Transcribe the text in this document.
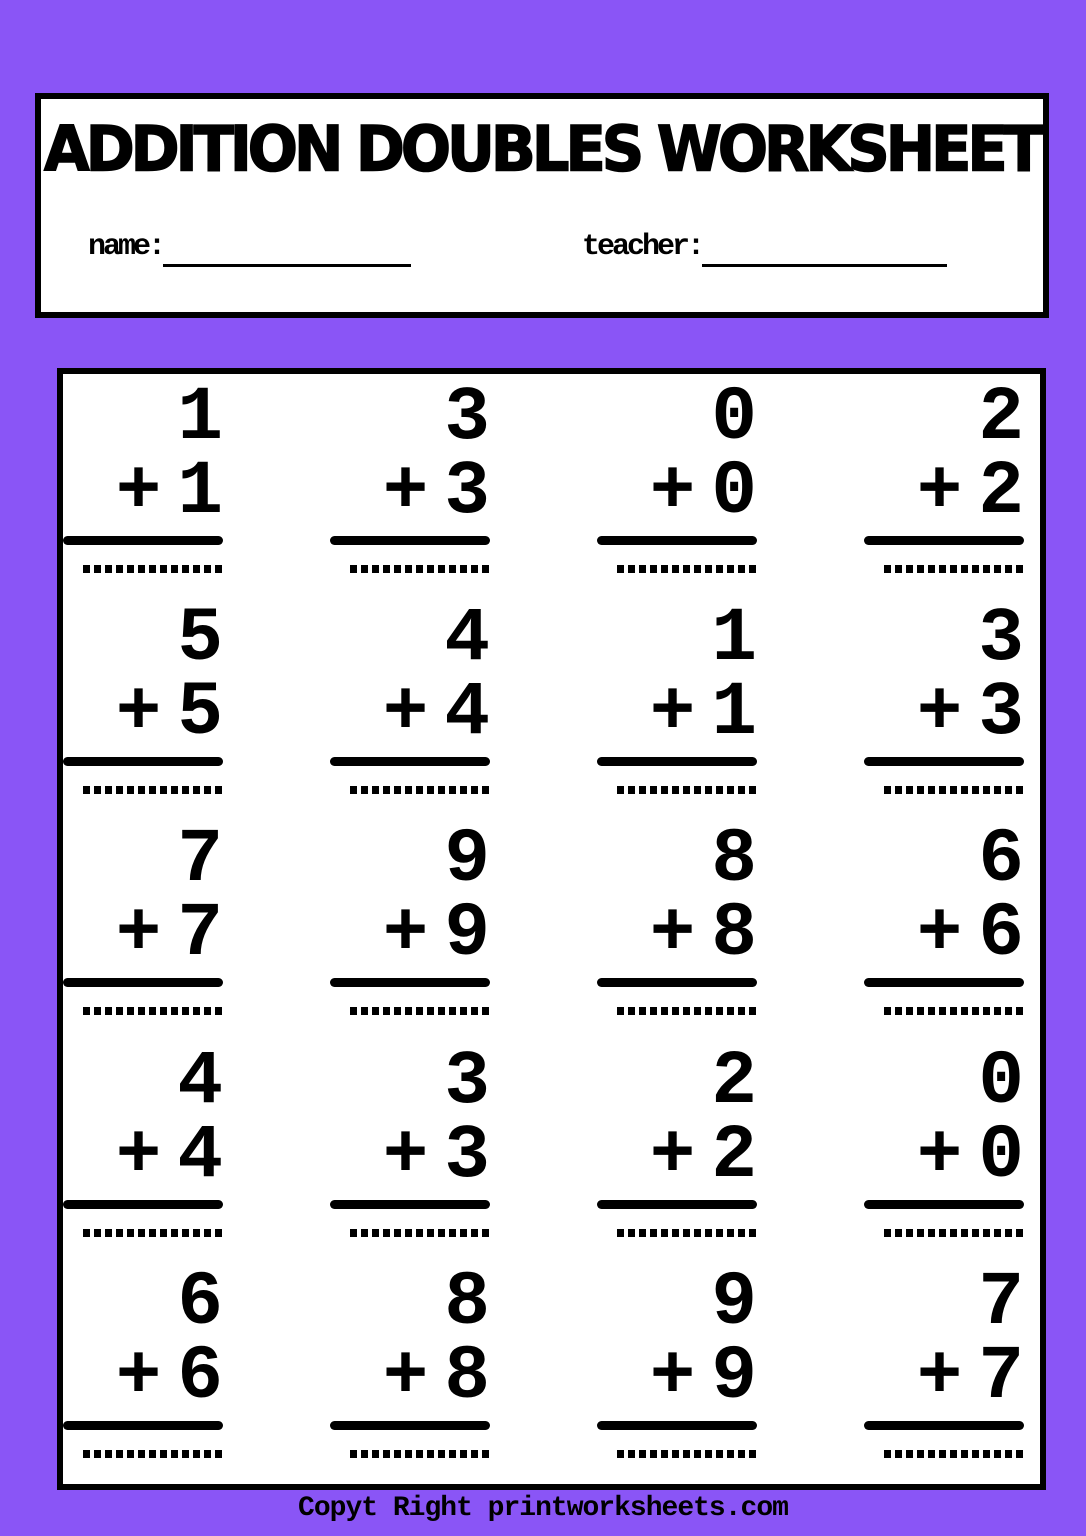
ADDITION DOUBLES WORKSHEET
name:	teacher:
1
+ 1
3
+ 3
0
+ 0
2
+ 2
5
+ 5
4
+ 4
1
+ 1
3
+ 3
7
+ 7
9
+ 9
8
+ 8
6
+ 6
4
+ 4
3
+ 3
2
+ 2
0
+ 0
6
+ 6
8
+ 8
9
+ 9
7
+ 7
Copyt Right printworksheets.com
